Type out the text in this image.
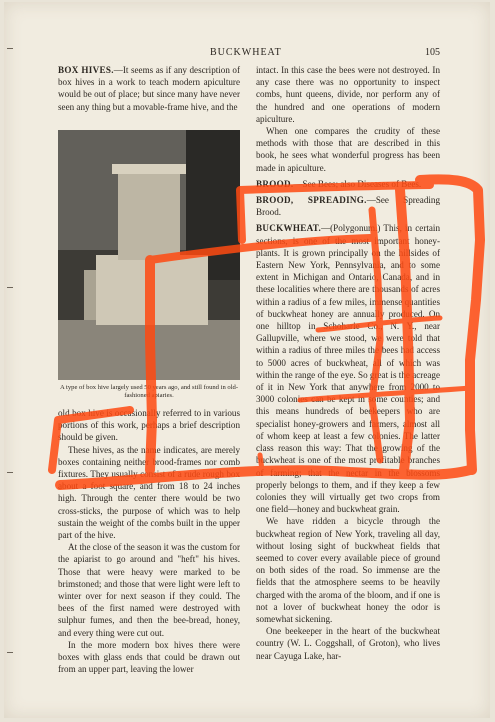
BUCKWHEAT	105

BOX HIVES.—It seems as if any description of box hives in a work to teach modern apiculture would be out of place; but since many have never seen any thing but a movable-frame hive, and the

A type of box hive largely used 50 years ago, and still found in old-fashioned apiaries.

old box hive is occasionally referred to in various portions of this work, perhaps a brief description should be given.

These hives, as the name indicates, are merely boxes containing neither brood-frames nor comb fixtures. They usually consist of a rude rough box about a foot square, and from 18 to 24 inches high. Through the center there would be two cross-sticks, the purpose of which was to help sustain the weight of the combs built in the upper part of the hive.

At the close of the season it was the custom for the apiarist to go around and "heft" his hives. Those that were heavy were marked to be brimstoned; and those that were light were left to winter over for next season if they could. The bees of the first named were destroyed with sulphur fumes, and then the bee-bread, honey, and every thing were cut out.

In the more modern box hives there were boxes with glass ends that could be drawn out from an upper part, leaving the lower

intact. In this case the bees were not destroyed. In any case there was no opportunity to inspect combs, hunt queens, divide, nor perform any of the hundred and one operations of modern apiculture.

When one compares the crudity of these methods with those that are described in this book, he sees what wonderful progress has been made in apiculture.

BROOD.—See Bees; also Diseases of Bees.

BROOD, SPREADING.—See Spreading Brood.

BUCKWHEAT.—(Polygonum.) This, in certain sections, is one of the most important honey-plants. It is grown principally on the hillsides of Eastern New York, Pennsylvania, and to some extent in Michigan and Ontario, Canada, and in these localities where there are thousands of acres within a radius of a few miles, immense quantities of buckwheat honey are annually produced. On one hilltop in Schoharie Co., N. Y., near Gallupville, where we stood, we were told that within a radius of three miles the bees had access to 5000 acres of buckwheat, all of which was within the range of the eye. So great is the acreage of it in New York that anywhere from 2000 to 3000 colonies can be kept in some counties; and this means hundreds of beekeepers who are specialist honey-growers and farmers, almost all of whom keep at least a few colonies. The latter class reason this way: That the growing of the buckwheat is one of the most profitable branches of farming; that the nectar in the blossoms properly belongs to them, and if they keep a few colonies they will virtually get two crops from one field—honey and buckwheat grain.

We have ridden a bicycle through the buckwheat region of New York, traveling all day, without losing sight of buckwheat fields that seemed to cover every available piece of ground on both sides of the road. So immense are the fields that the atmosphere seems to be heavily charged with the aroma of the bloom, and if one is not a lover of buckwheat honey the odor is somewhat sickening.

One beekeeper in the heart of the buckwheat country (W. L. Coggshall, of Groton), who lives near Cayuga Lake, har-
